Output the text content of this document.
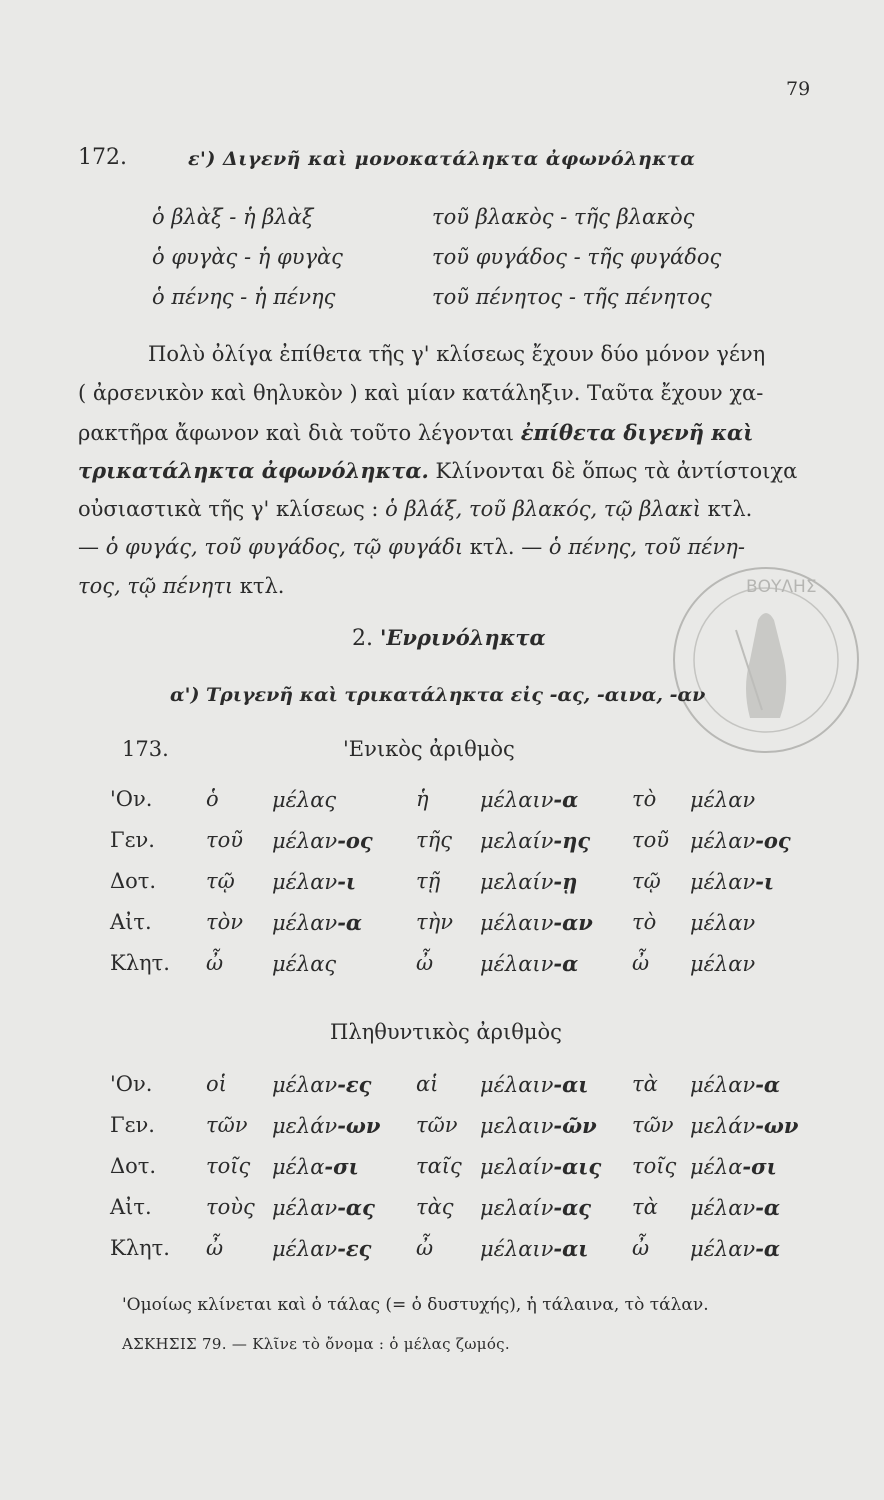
79
172.	ε') Διγενῆ καὶ μονοκατάληκτα ἀφωνόληκτα
ὁ βλὰξ - ἡ βλὰξ	τοῦ βλακὸς - τῆς βλακὸς
ὁ φυγὰς - ἡ φυγὰς	τοῦ φυγάδος - τῆς φυγάδος
ὁ πένης - ἡ πένης	τοῦ πένητος - τῆς πένητος
Πολὺ ὀλίγα ἐπίθετα τῆς γ' κλίσεως ἔχουν δύο μόνον γένη
( ἀρσενικὸν καὶ θηλυκὸν ) καὶ μίαν κατάληξιν. Ταῦτα ἔχουν χα-
ρακτῆρα ἄφωνον καὶ διὰ τοῦτο λέγονται ἐπίθετα διγενῆ καὶ
τρικατάληκτα ἀφωνόληκτα. Κλίνονται δὲ ὅπως τὰ ἀντίστοιχα
οὐσιαστικὰ τῆς γ' κλίσεως : ὁ βλάξ, τοῦ βλακός, τῷ βλακὶ κτλ.
— ὁ φυγάς, τοῦ φυγάδος, τῷ φυγάδι κτλ. — ὁ πένης, τοῦ πένη-
τος, τῷ πένητι κτλ.	ΒΟΥΛΗΣ
2. 'Ενρινόληκτα
α') Τριγενῆ καὶ τρικατάληκτα εἰς -ας, -αινα, -αν
173.	'Ενικὸς ἀριθμὸς
'Ον.	ὁ	μέλας	ἡ μέλαιν-α	τὸ μέλαν
Γεν. τοῦ μέλαν-ος τῆς μελαίν-ης τοῦ μέλαν-ος
Δοτ. τῷ μέλαν-ι	τῇ μελαίν-ῃ	τῷ μέλαν-ι
Αἰτ.	τὸν μέλαν-α	τὴν μέλαιν-αν τὸ μέλαν
Κλητ. ὦ μέλας	ὦ μέλαιν-α	ὦ μέλαν
Πληθυντικὸς ἀριθμὸς
'Ον.	οἱ μέλαν-ες αἱ μέλαιν-αι τὰ μέλαν-α
Γεν. τῶν μελάν-ων τῶν μελαιν-ῶν τῶν μελάν-ων
Δοτ. τοῖς μέλα-σι	ταῖς μελαίν-αις τοῖς μέλα-σι
Αἰτ.	τοὺς μέλαν-ας τὰς μελαίν-ας τὰ μέλαν-α
Κλητ. ὦ μέλαν-ες ὦ μέλαιν-αι ὦ μέλαν-α
'Ομοίως κλίνεται καὶ ὁ τάλας (= ὁ δυστυχής), ἡ τάλαινα, τὸ τάλαν.
ΑΣΚΗΣΙΣ 79. — Κλῖνε τὸ ὄνομα : ὁ μέλας ζωμός.
